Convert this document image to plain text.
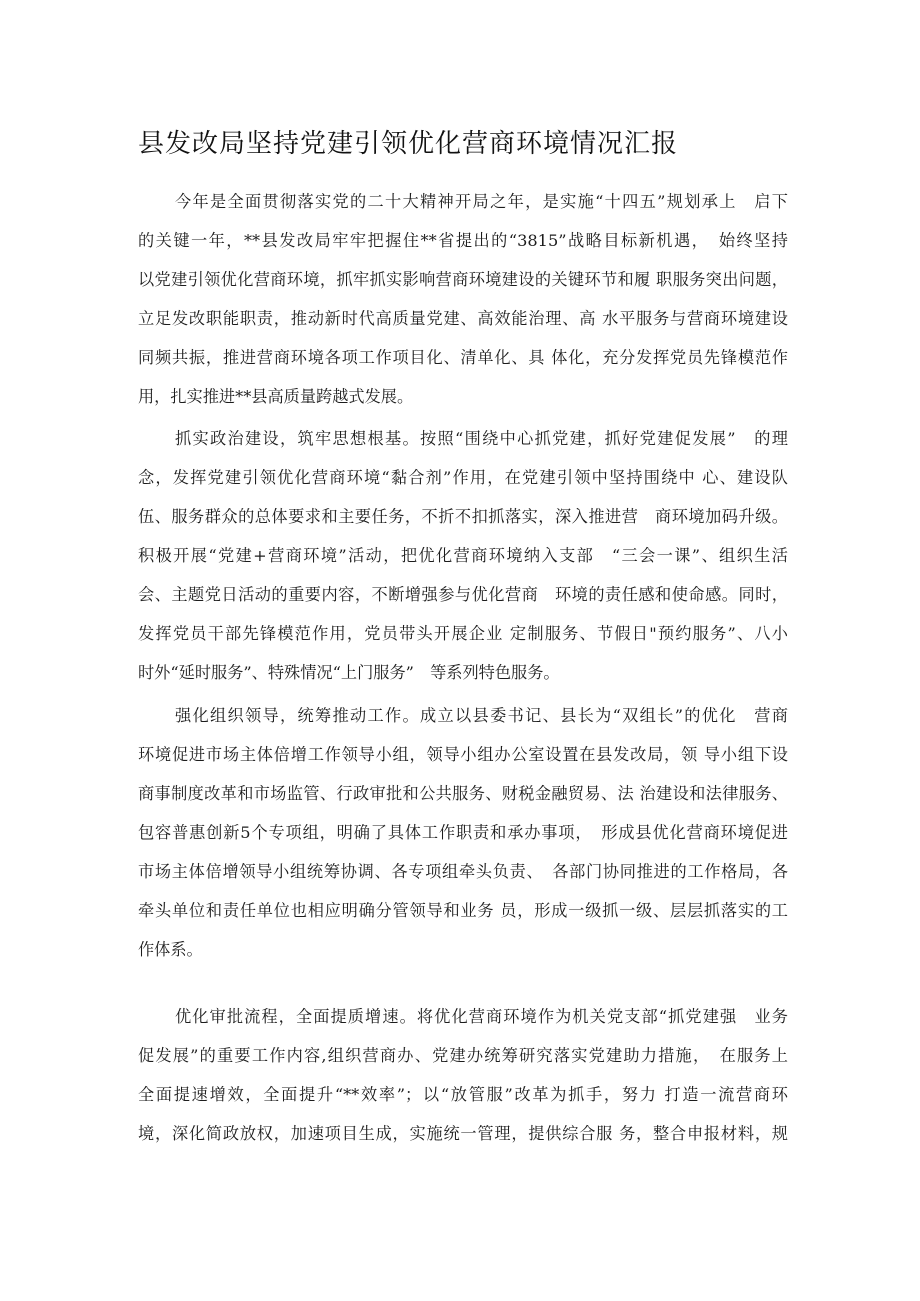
县发改局坚持党建引领优化营商环境情况汇报

今年是全面贯彻落实党的二十大精神开局之年，是实施“十四五”规划承上　启下

的关键一年，**县发改局牢牢把握住**省提出的“3815”战略目标新机遇，　始终坚持

以党建引领优化营商环境，抓牢抓实影响营商环境建设的关键环节和履 职服务突出问题，

立足发改职能职责，推动新时代高质量党建、高效能治理、高 水平服务与营商环境建设

同频共振，推进营商环境各项工作项目化、清单化、具 体化，充分发挥党员先锋模范作

用，扎实推进**县高质量跨越式发展。

抓实政治建设，筑牢思想根基。按照“围绕中心抓党建，抓好党建促发展”　的理

念，发挥党建引领优化营商环境“黏合剂”作用，在党建引领中坚持围绕中 心、建设队

伍、服务群众的总体要求和主要任务，不折不扣抓落实，深入推进营　商环境加码升级。

积极开展“党建+营商环境”活动，把优化营商环境纳入支部　“三会一课”、组织生活

会、主题党日活动的重要内容，不断增强参与优化营商　环境的责任感和使命感。同时，

发挥党员干部先锋模范作用，党员带头开展企业 定制服务、节假日"预约服务”、八小

时外“延时服务”、特殊情况“上门服务”　等系列特色服务。

强化组织领导，统筹推动工作。成立以县委书记、县长为“双组长”的优化　营商

环境促进市场主体倍增工作领导小组，领导小组办公室设置在县发改局，领 导小组下设

商事制度改革和市场监管、行政审批和公共服务、财税金融贸易、法 治建设和法律服务、

包容普惠创新5个专项组，明确了具体工作职责和承办事项，　形成县优化营商环境促进

市场主体倍增领导小组统筹协调、各专项组牵头负责、　各部门协同推进的工作格局，各

牵头单位和责任单位也相应明确分管领导和业务 员，形成一级抓一级、层层抓落实的工

作体系。

优化审批流程，全面提质增速。将优化营商环境作为机关党支部“抓党建强　业务

促发展”的重要工作内容,组织营商办、党建办统筹研究落实党建助力措施，　在服务上

全面提速增效，全面提升“**效率”；以“放管服”改革为抓手，努力 打造一流营商环

境，深化简政放权，加速项目生成，实施统一管理，提供综合服 务，整合申报材料，规
